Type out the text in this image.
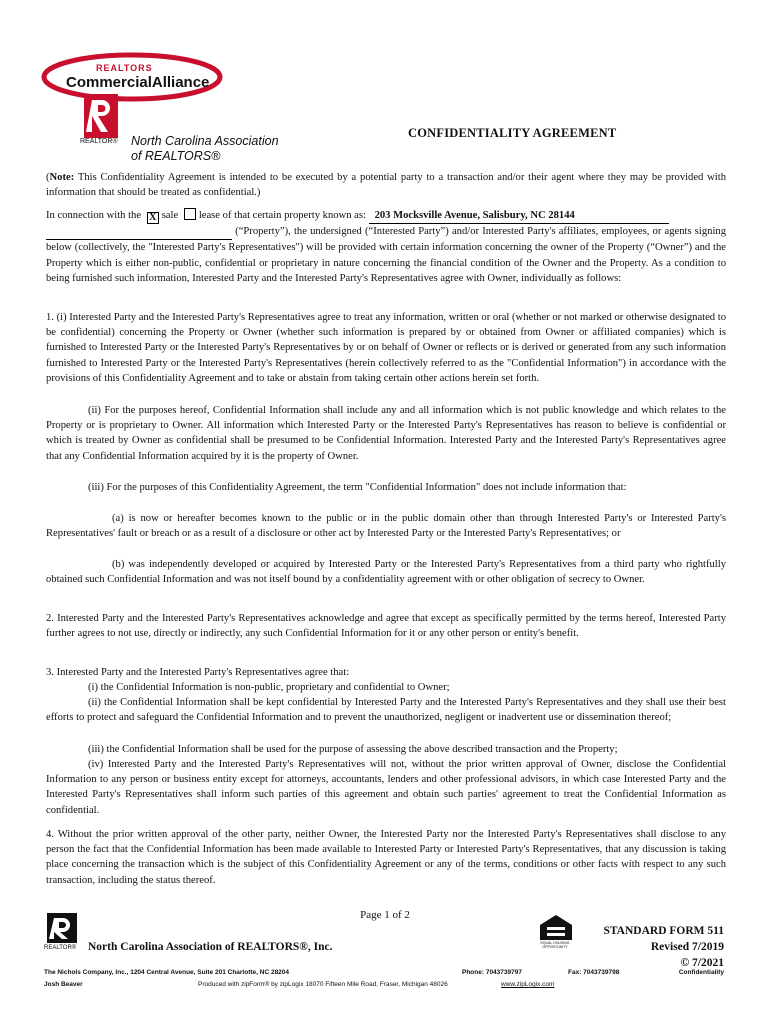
REALTORS
CommercialAlliance
REALTOR® North Carolina Association
of REALTORS®
CONFIDENTIALITY AGREEMENT
(Note: This Confidentiality Agreement is intended to be executed by a potential party to a transaction and/or their agent where they may be provided with information that should be treated as confidential.)
In connection with the X sale lease of that certain property known as: 203 Mocksville Avenue, Salisbury, NC 28144
(“Property”), the undersigned (“Interested Party”) and/or Interested Party's affiliates, employees, or agents signing below (collectively, the "Interested Party's Representatives") will be provided with certain information concerning the owner of the Property (“Owner”) and the Property which is either non-public, confidential or proprietary in nature concerning the financial condition of the Owner and the Property. As a condition to being furnished such information, Interested Party and the Interested Party's Representatives agree with Owner, individually as follows:
1. (i) Interested Party and the Interested Party's Representatives agree to treat any information, written or oral (whether or not marked or otherwise designated to be confidential) concerning the Property or Owner (whether such information is prepared by or obtained from Owner or affiliated companies) which is furnished to Interested Party or the Interested Party's Representatives by or on behalf of Owner or reflects or is derived or generated from any such information furnished to Interested Party or the Interested Party's Representatives (herein collectively referred to as the "Confidential Information") in accordance with the provisions of this Confidentiality Agreement and to take or abstain from taking certain other actions herein set forth.
(ii) For the purposes hereof, Confidential Information shall include any and all information which is not public knowledge and which relates to the Property or is proprietary to Owner. All information which Interested Party or the Interested Party's Representatives has reason to believe is confidential or which is treated by Owner as confidential shall be presumed to be Confidential Information. Interested Party and the Interested Party's Representatives agree that any Confidential Information acquired by it is the property of Owner.
(iii) For the purposes of this Confidentiality Agreement, the term "Confidential Information" does not include information that:
(a) is now or hereafter becomes known to the public or in the public domain other than through Interested Party's or Interested Party's Representatives' fault or breach or as a result of a disclosure or other act by Interested Party or the Interested Party's Representatives; or
(b) was independently developed or acquired by Interested Party or the Interested Party's Representatives from a third party who rightfully obtained such Confidential Information and was not itself bound by a confidentiality agreement with or other obligation of secrecy to Owner.
2. Interested Party and the Interested Party's Representatives acknowledge and agree that except as specifically permitted by the terms hereof, Interested Party further agrees to not use, directly or indirectly, any such Confidential Information for it or any other person or entity's benefit.
3. Interested Party and the Interested Party's Representatives agree that:
(i) the Confidential Information is non-public, proprietary and confidential to Owner;
(ii) the Confidential Information shall be kept confidential by Interested Party and the Interested Party's Representatives and they shall use their best efforts to protect and safeguard the Confidential Information and to prevent the unauthorized, negligent or inadvertent use or dissemination thereof;
(iii) the Confidential Information shall be used for the purpose of assessing the above described transaction and the Property;
(iv) Interested Party and the Interested Party's Representatives will not, without the prior written approval of Owner, disclose the Confidential Information to any person or business entity except for attorneys, accountants, lenders and other professional advisors, in which case Interested Party and the Interested Party's Representatives shall inform such parties of this agreement and obtain such parties' agreement to treat the Confidential Information as confidential.
4. Without the prior written approval of the other party, neither Owner, the Interested Party nor the Interested Party's Representatives shall disclose to any person the fact that the Confidential Information has been made available to Interested Party or Interested Party's Representatives, that any discussion is taking place concerning the transaction which is the subject of this Confidentiality Agreement or any of the terms, conditions or other facts with respect to any such transaction, including the status thereof.
Page 1 of 2
REALTOR® North Carolina Association of REALTORS®, Inc.	EQUAL HOUSING OPPORTUNITY
STANDARD FORM 511
Revised 7/2019
© 7/2021
The Nichols Company, Inc., 1204 Central Avenue, Suite 201 Charlotte, NC 28204	Phone: 7043739797	Fax: 7043739798	Confidentiality
Josh Beaver	Produced with zipForm® by zipLogix 18070 Fifteen Mile Road, Fraser, Michigan 48026	www.zipLogix.com
